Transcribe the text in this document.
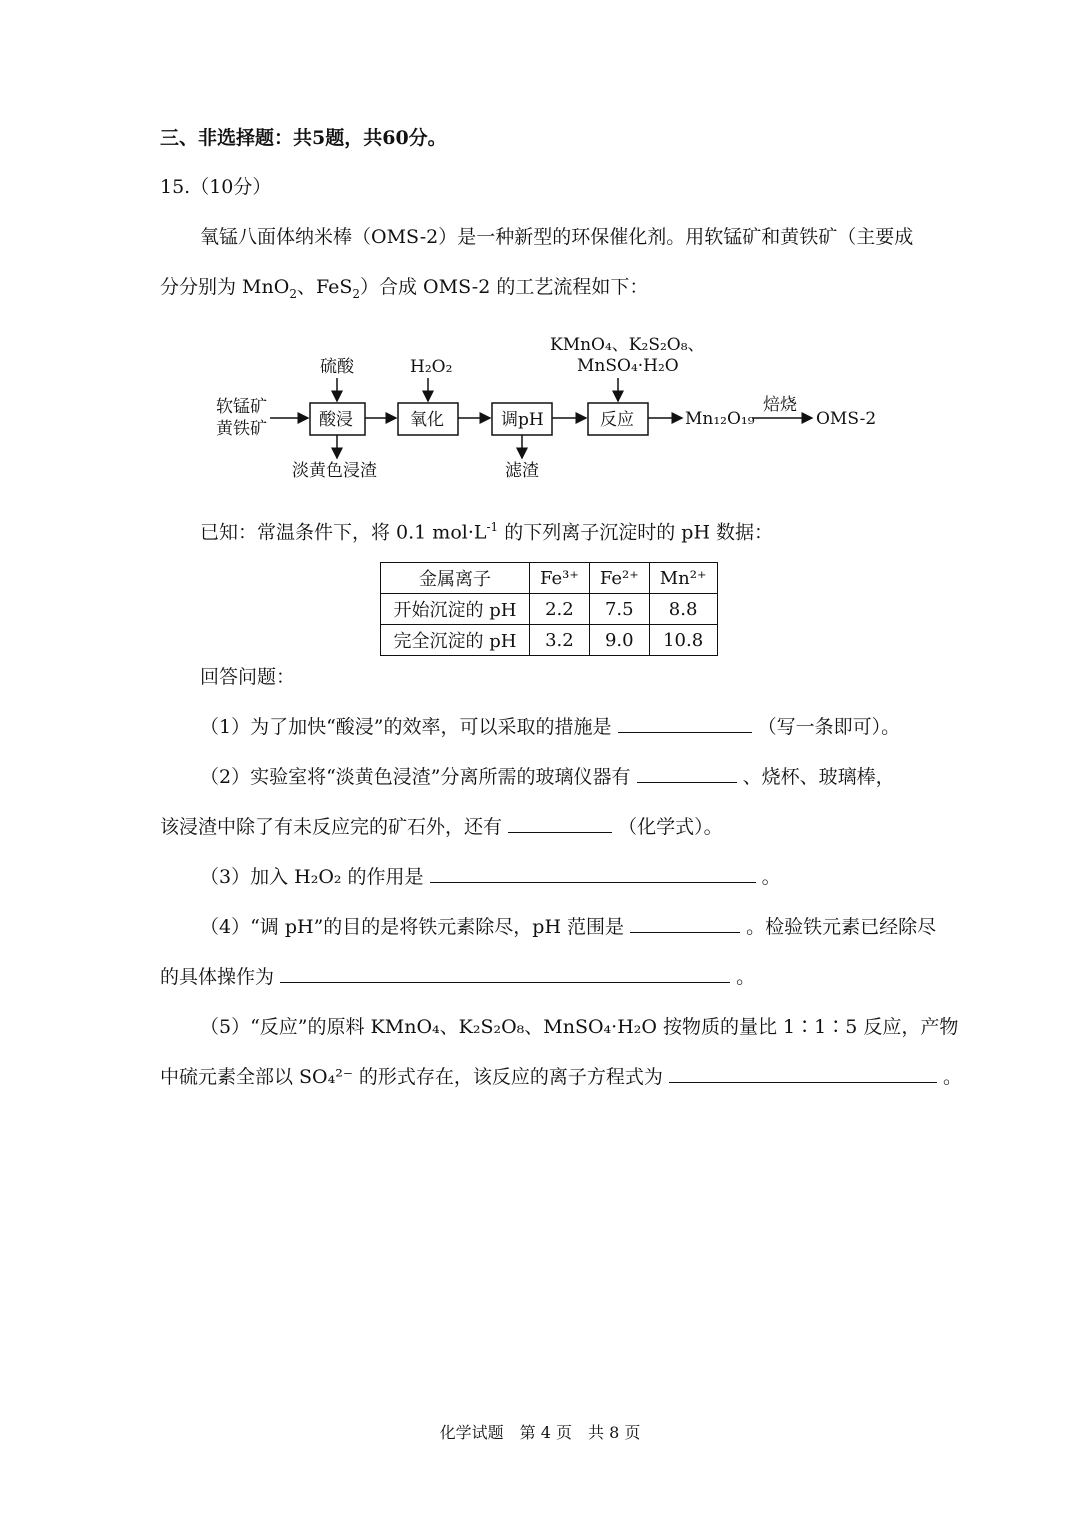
三、非选择题：共5题，共60分。
15.（10分）
氧锰八面体纳米棒（OMS-2）是一种新型的环保催化剂。用软锰矿和黄铁矿（主要成
分分别为 MnO$_2$、FeS$_2$）合成 OMS-2 的工艺流程如下：
软锰矿
黄铁矿	酸浸	氧化	调pH	反应	Mn₁₂O₁₉
焙烧
OMS-2
硫酸	H₂O₂
KMnO₄、K₂S₂O₈、
MnSO₄·H₂O
淡黄色浸渣	滤渣
已知：常温条件下，将 0.1 $mol\cdot L^{-1}$ 的下列离子沉淀时的 pH 数据：
金属离子	Fe³⁺	Fe²⁺	Mn²⁺
开始沉淀的 pH	2.2	7.5	8.8
完全沉淀的 pH	3.2	9.0	10.8
回答问题：
（1）为了加快“酸浸”的效率，可以采取的措施是	（写一条即可）。
（2）实验室将“淡黄色浸渣”分离所需的玻璃仪器有	、烧杯、玻璃棒，
该浸渣中除了有未反应完的矿石外，还有	（化学式）。
（3）加入 H₂O₂ 的作用是	。
（4）“调 pH”的目的是将铁元素除尽，pH 范围是	。检验铁元素已经除尽
的具体操作为	。
（5）“反应”的原料 KMnO₄、K₂S₂O₈、MnSO₄·H₂O 按物质的量比 1∶1∶5 反应，产物
中硫元素全部以 SO₄²⁻ 的形式存在，该反应的离子方程式为	。
化学试题　第 4 页　共 8 页
